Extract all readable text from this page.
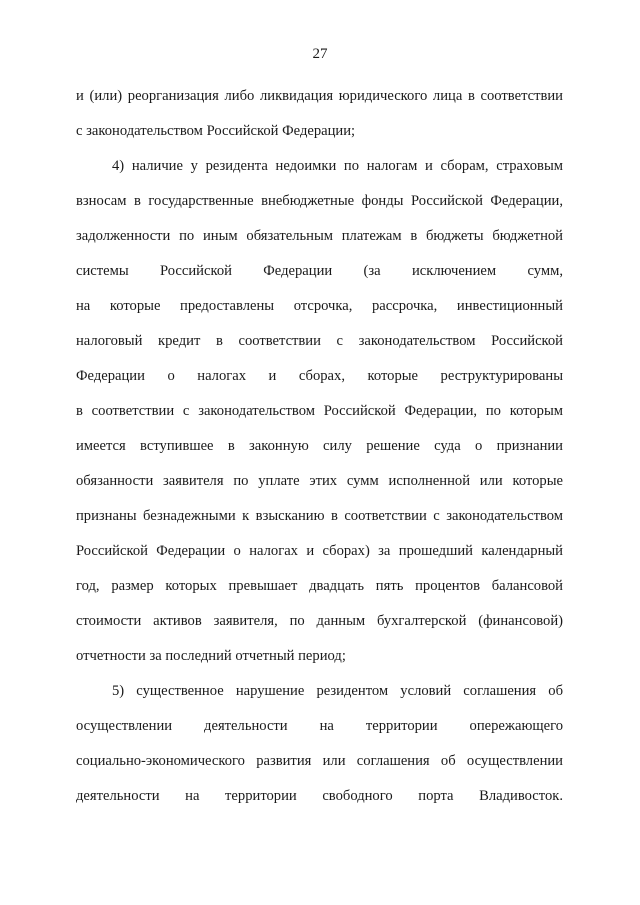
27
и (или) реорганизация либо ликвидация юридического лица в соответствии
с законодательством Российской Федерации;
4) наличие у резидента недоимки по налогам и сборам, страховым
взносам в государственные внебюджетные фонды Российской Федерации,
задолженности по иным обязательным платежам в бюджеты бюджетной
системы Российской Федерации (за исключением сумм,
на которые предоставлены отсрочка, рассрочка, инвестиционный
налоговый кредит в соответствии с законодательством Российской
Федерации о налогах и сборах, которые реструктурированы
в соответствии с законодательством Российской Федерации, по которым
имеется вступившее в законную силу решение суда о признании
обязанности заявителя по уплате этих сумм исполненной или которые
признаны безнадежными к взысканию в соответствии с законодательством
Российской Федерации о налогах и сборах) за прошедший календарный
год, размер которых превышает двадцать пять процентов балансовой
стоимости активов заявителя, по данным бухгалтерской (финансовой)
отчетности за последний отчетный период;
5) существенное нарушение резидентом условий соглашения об
осуществлении деятельности на территории опережающего
социально-экономического развития или соглашения об осуществлении
деятельности на территории свободного порта Владивосток.
